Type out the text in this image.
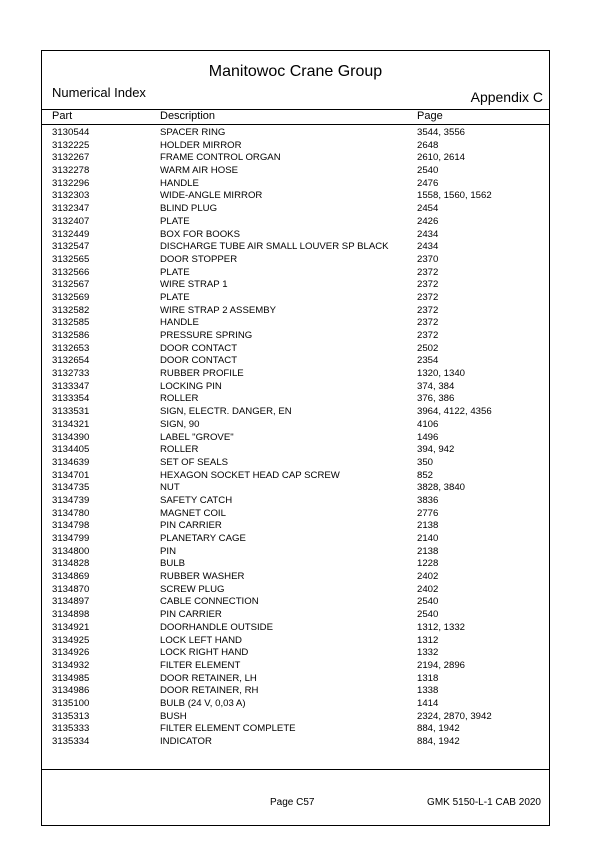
Manitowoc Crane Group
Numerical Index	Appendix C
Part	Description	Page
3130544	SPACER RING	3544, 3556
3132225	HOLDER MIRROR	2648
3132267	FRAME CONTROL ORGAN	2610, 2614
3132278	WARM AIR HOSE	2540
3132296	HANDLE	2476
3132303	WIDE-ANGLE MIRROR	1558, 1560, 1562
3132347	BLIND PLUG	2454
3132407	PLATE	2426
3132449	BOX FOR BOOKS	2434
3132547	DISCHARGE TUBE AIR SMALL LOUVER SP BLACK	2434
3132565	DOOR STOPPER	2370
3132566	PLATE	2372
3132567	WIRE STRAP 1	2372
3132569	PLATE	2372
3132582	WIRE STRAP 2 ASSEMBY	2372
3132585	HANDLE	2372
3132586	PRESSURE SPRING	2372
3132653	DOOR CONTACT	2502
3132654	DOOR CONTACT	2354
3132733	RUBBER PROFILE	1320, 1340
3133347	LOCKING PIN	374, 384
3133354	ROLLER	376, 386
3133531	SIGN, ELECTR. DANGER, EN	3964, 4122, 4356
3134321	SIGN, 90	4106
3134390	LABEL "GROVE"	1496
3134405	ROLLER	394, 942
3134639	SET OF SEALS	350
3134701	HEXAGON SOCKET HEAD CAP SCREW	852
3134735	NUT	3828, 3840
3134739	SAFETY CATCH	3836
3134780	MAGNET COIL	2776
3134798	PIN CARRIER	2138
3134799	PLANETARY CAGE	2140
3134800	PIN	2138
3134828	BULB	1228
3134869	RUBBER WASHER	2402
3134870	SCREW PLUG	2402
3134897	CABLE CONNECTION	2540
3134898	PIN CARRIER	2540
3134921	DOORHANDLE OUTSIDE	1312, 1332
3134925	LOCK LEFT HAND	1312
3134926	LOCK RIGHT HAND	1332
3134932	FILTER ELEMENT	2194, 2896
3134985	DOOR RETAINER, LH	1318
3134986	DOOR RETAINER, RH	1338
3135100	BULB (24 V, 0,03 A)	1414
3135313	BUSH	2324, 2870, 3942
3135333	FILTER ELEMENT COMPLETE	884, 1942
3135334	INDICATOR	884, 1942
Page C57	GMK 5150-L-1 CAB 2020
